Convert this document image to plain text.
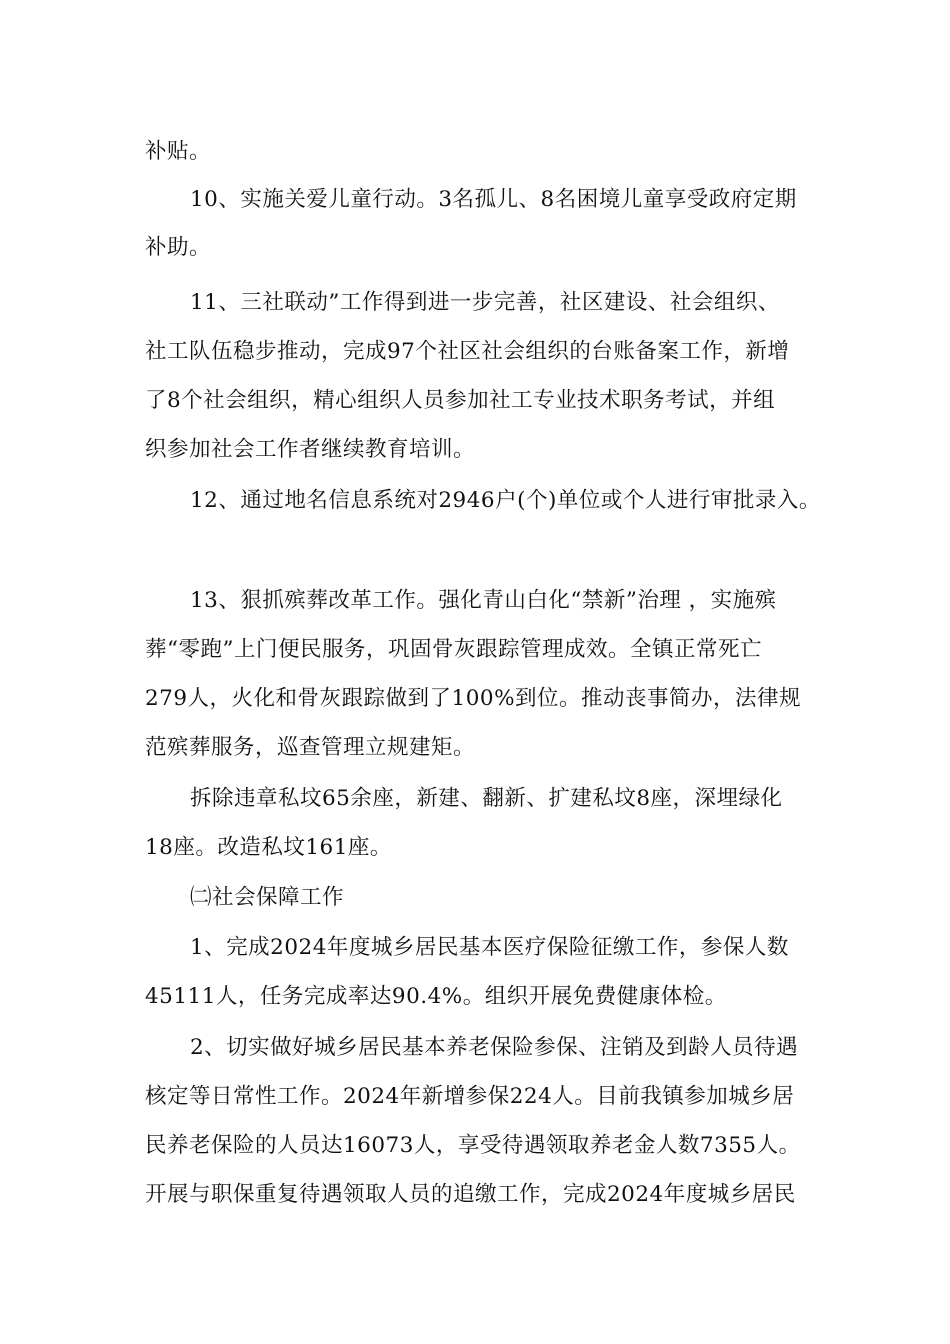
补贴。
10、实施关爱儿童行动。3名孤儿、8名困境儿童享受政府定期
补助。
11、三社联动”工作得到进一步完善，社区建设、社会组织、
社工队伍稳步推动，完成97个社区社会组织的台账备案工作，新增
了8个社会组织，精心组织人员参加社工专业技术职务考试，并组
织参加社会工作者继续教育培训。
12、通过地名信息系统对2946户(个)单位或个人进行审批录入。
13、狠抓殡葬改革工作。强化青山白化“禁新”治理 ，实施殡
葬“零跑”上门便民服务，巩固骨灰跟踪管理成效。全镇正常死亡
279人，火化和骨灰跟踪做到了100%到位。推动丧事简办，法律规
范殡葬服务，巡查管理立规建矩。
拆除违章私坟65余座，新建、翻新、扩建私坟8座，深埋绿化
18座。改造私坟161座。
㈡社会保障工作
1、完成2024年度城乡居民基本医疗保险征缴工作，参保人数
45111人，任务完成率达90.4%。组织开展免费健康体检。
2、切实做好城乡居民基本养老保险参保、注销及到龄人员待遇
核定等日常性工作。2024年新增参保224人。目前我镇参加城乡居
民养老保险的人员达16073人，享受待遇领取养老金人数7355人。
开展与职保重复待遇领取人员的追缴工作，完成2024年度城乡居民
